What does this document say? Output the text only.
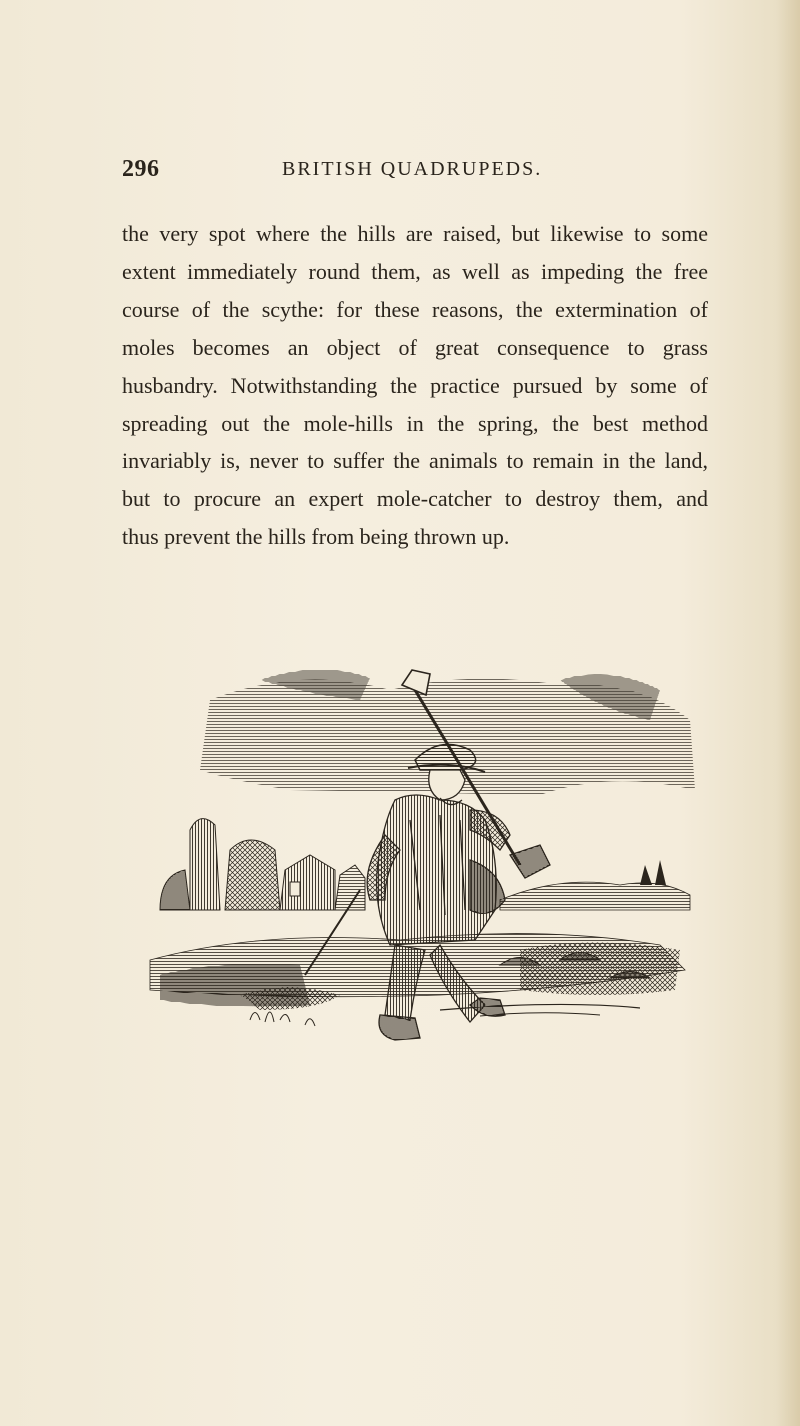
296	BRITISH QUADRUPEDS.
the very spot where the hills are raised, but likewise to some
extent immediately round them, as well as impeding the free
course of the scythe: for these reasons, the extermination of
moles becomes an object of great consequence to grass
husbandry. Notwithstanding the practice pursued by some of
spreading out the mole-hills in the spring, the best method
invariably is, never to suffer the animals to remain in the land,
but to procure an expert mole-catcher to destroy them, and
thus prevent the hills from being thrown up.
